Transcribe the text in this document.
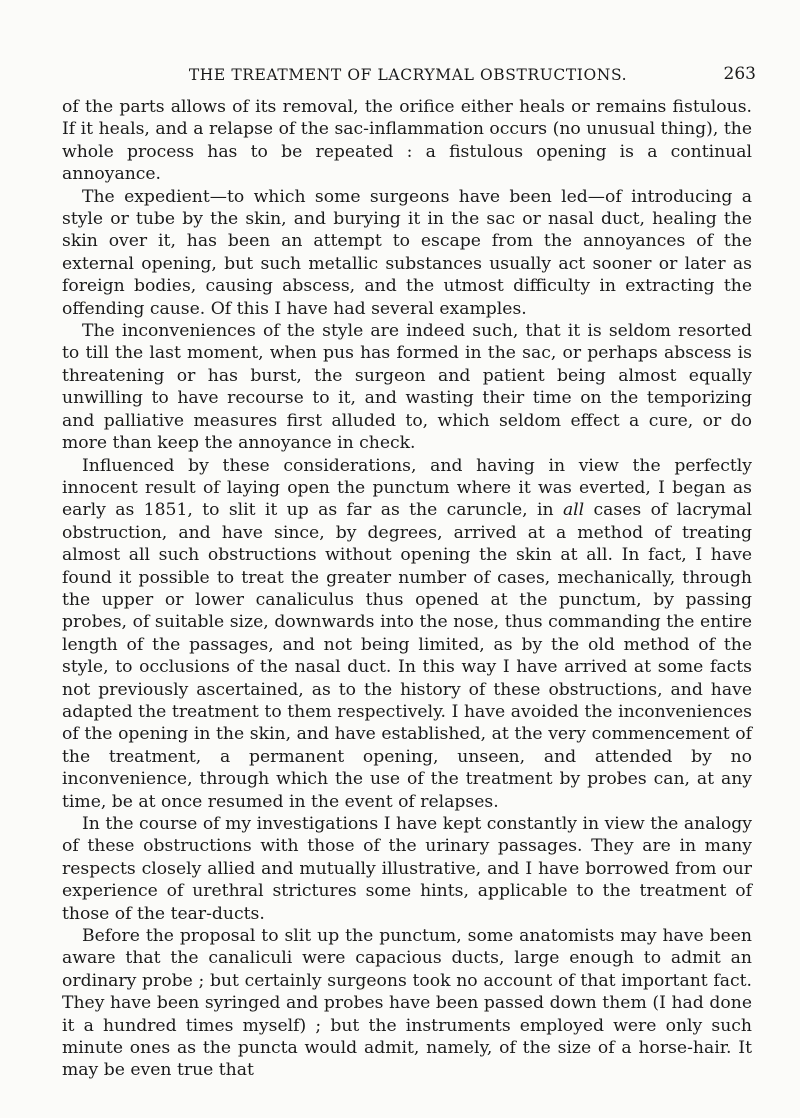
THE TREATMENT OF LACRYMAL OBSTRUCTIONS.	263

of the parts allows of its removal, the orifice either heals or remains fistulous. If it heals, and a relapse of the sac-inflammation occurs (no unusual thing), the whole process has to be repeated : a fistulous opening is a continual annoyance.

The expedient—to which some surgeons have been led—of introducing a style or tube by the skin, and burying it in the sac or nasal duct, healing the skin over it, has been an attempt to escape from the annoyances of the external opening, but such metallic substances usually act sooner or later as foreign bodies, causing abscess, and the utmost difficulty in extracting the offending cause. Of this I have had several examples.

The inconveniences of the style are indeed such, that it is seldom resorted to till the last moment, when pus has formed in the sac, or perhaps abscess is threatening or has burst, the surgeon and patient being almost equally unwilling to have recourse to it, and wasting their time on the temporizing and palliative measures first alluded to, which seldom effect a cure, or do more than keep the annoyance in check.

Influenced by these considerations, and having in view the perfectly innocent result of laying open the punctum where it was everted, I began as early as 1851, to slit it up as far as the caruncle, in all cases of lacrymal obstruction, and have since, by degrees, arrived at a method of treating almost all such obstructions without opening the skin at all. In fact, I have found it possible to treat the greater number of cases, mechanically, through the upper or lower canaliculus thus opened at the punctum, by passing probes, of suitable size, downwards into the nose, thus commanding the entire length of the passages, and not being limited, as by the old method of the style, to occlusions of the nasal duct. In this way I have arrived at some facts not previously ascertained, as to the history of these obstructions, and have adapted the treatment to them respectively. I have avoided the inconveniences of the opening in the skin, and have established, at the very commencement of the treatment, a permanent opening, unseen, and attended by no inconvenience, through which the use of the treatment by probes can, at any time, be at once resumed in the event of relapses.

In the course of my investigations I have kept constantly in view the analogy of these obstructions with those of the urinary passages. They are in many respects closely allied and mutually illustrative, and I have borrowed from our experience of urethral strictures some hints, applicable to the treatment of those of the tear-ducts.

Before the proposal to slit up the punctum, some anatomists may have been aware that the canaliculi were capacious ducts, large enough to admit an ordinary probe ; but certainly surgeons took no account of that important fact. They have been syringed and probes have been passed down them (I had done it a hundred times myself) ; but the instruments employed were only such minute ones as the puncta would admit, namely, of the size of a horse-hair. It may be even true that
